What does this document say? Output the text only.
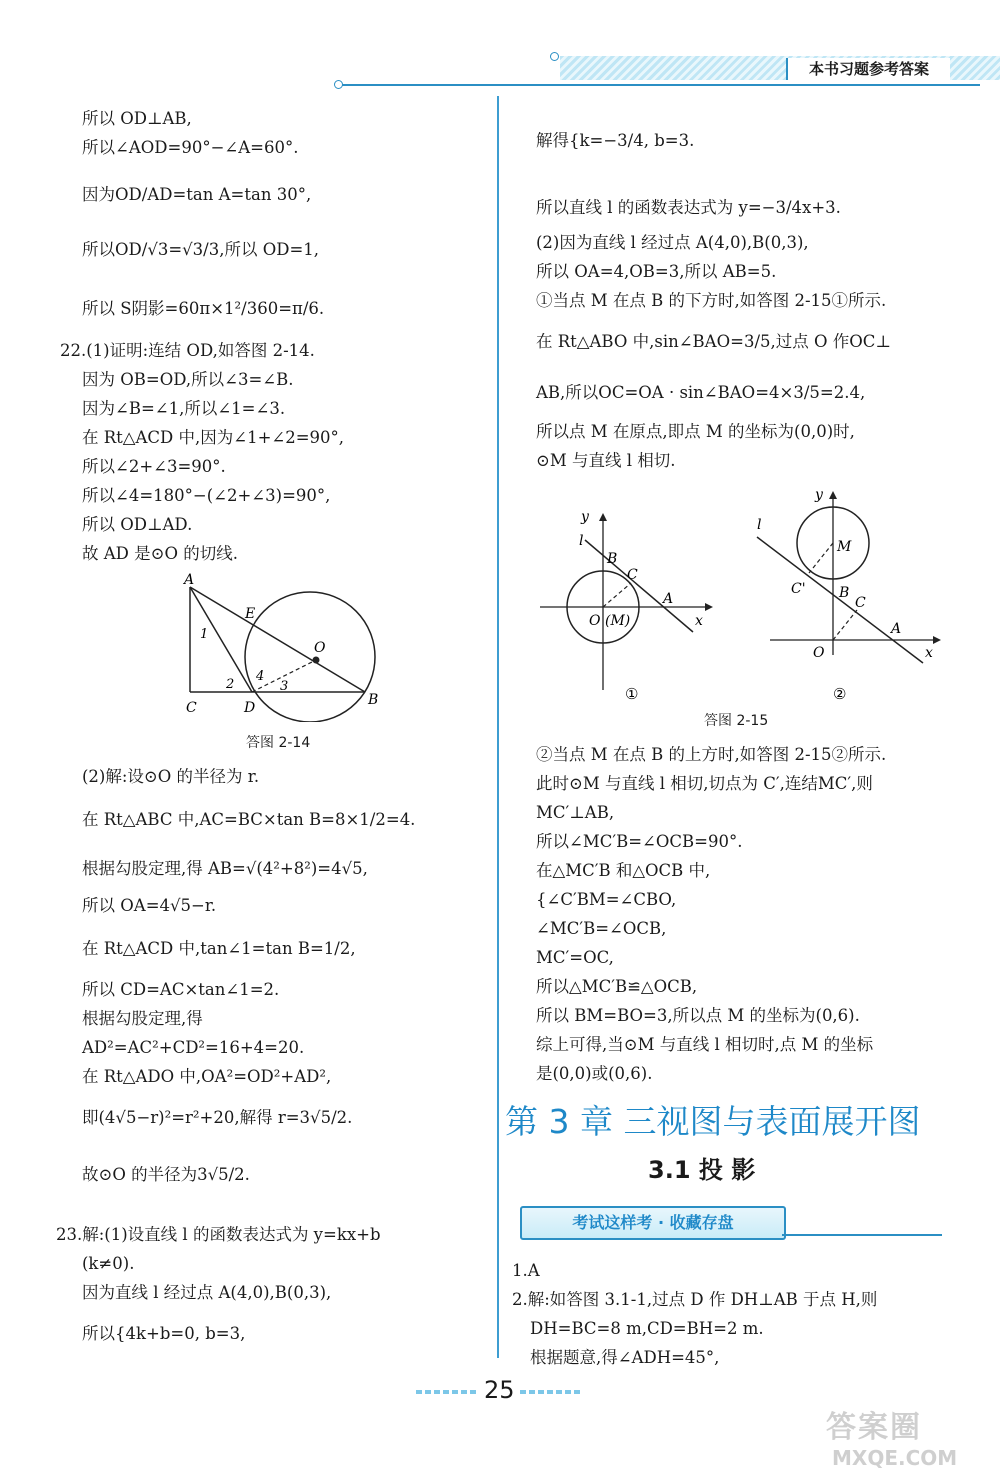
本书习题参考答案
所以 OD⊥AB,
所以∠AOD=90°−∠A=60°.
因为OD/AD=tan A=tan 30°,
所以OD/√3=√3/3,所以 OD=1,
所以 S阴影=60π×1²/360=π/6.
22.(1)证明:连结 OD,如答图 2-14.
因为 OB=OD,所以∠3=∠B.
因为∠B=∠1,所以∠1=∠3.
在 Rt△ACD 中,因为∠1+∠2=90°,
所以∠2+∠3=90°.
所以∠4=180°−(∠2+∠3)=90°,
所以 OD⊥AD.
故 AD 是⊙O 的切线.
A
E
O
1
2
4
3
C	D	B
答图 2-14
(2)解:设⊙O 的半径为 r.
在 Rt△ABC 中,AC=BC×tan B=8×1/2=4.
根据勾股定理,得 AB=√(4²+8²)=4√5,
所以 OA=4√5−r.
在 Rt△ACD 中,tan∠1=tan B=1/2,
所以 CD=AC×tan∠1=2.
根据勾股定理,得
AD²=AC²+CD²=16+4=20.
在 Rt△ADO 中,OA²=OD²+AD²,
即(4√5−r)²=r²+20,解得 r=3√5/2.
故⊙O 的半径为3√5/2.
23.解:(1)设直线 l 的函数表达式为 y=kx+b
(k≠0).
因为直线 l 经过点 A(4,0),B(0,3),
所以{4k+b=0, b=3,
解得{k=−3/4, b=3.
所以直线 l 的函数表达式为 y=−3/4x+3.
(2)因为直线 l 经过点 A(4,0),B(0,3),
所以 OA=4,OB=3,所以 AB=5.
①当点 M 在点 B 的下方时,如答图 2-15①所示.
在 Rt△ABO 中,sin∠BAO=3/5,过点 O 作OC⊥
AB,所以OC=OA · sin∠BAO=4×3/5=2.4,
所以点 M 在原点,即点 M 的坐标为(0,0)时,
⊙M 与直线 l 相切.
y
l
B
C
A
O (M)	x
①
y
l
M
C' B
C
A
O	x
②
答图 2-15
②当点 M 在点 B 的上方时,如答图 2-15②所示.
此时⊙M 与直线 l 相切,切点为 C′,连结MC′,则
MC′⊥AB,
所以∠MC′B=∠OCB=90°.
在△MC′B 和△OCB 中,
{∠C′BM=∠CBO,
∠MC′B=∠OCB,
MC′=OC,
所以△MC′B≌△OCB,
所以 BM=BO=3,所以点 M 的坐标为(0,6).
综上可得,当⊙M 与直线 l 相切时,点 M 的坐标
是(0,0)或(0,6).
第 3 章 三视图与表面展开图
3.1 投 影
考试这样考 · 收藏存盘
1.A
2.解:如答图 3.1-1,过点 D 作 DH⊥AB 于点 H,则
DH=BC=8 m,CD=BH=2 m.
根据题意,得∠ADH=45°,
25
答案圈
MXQE.COM
